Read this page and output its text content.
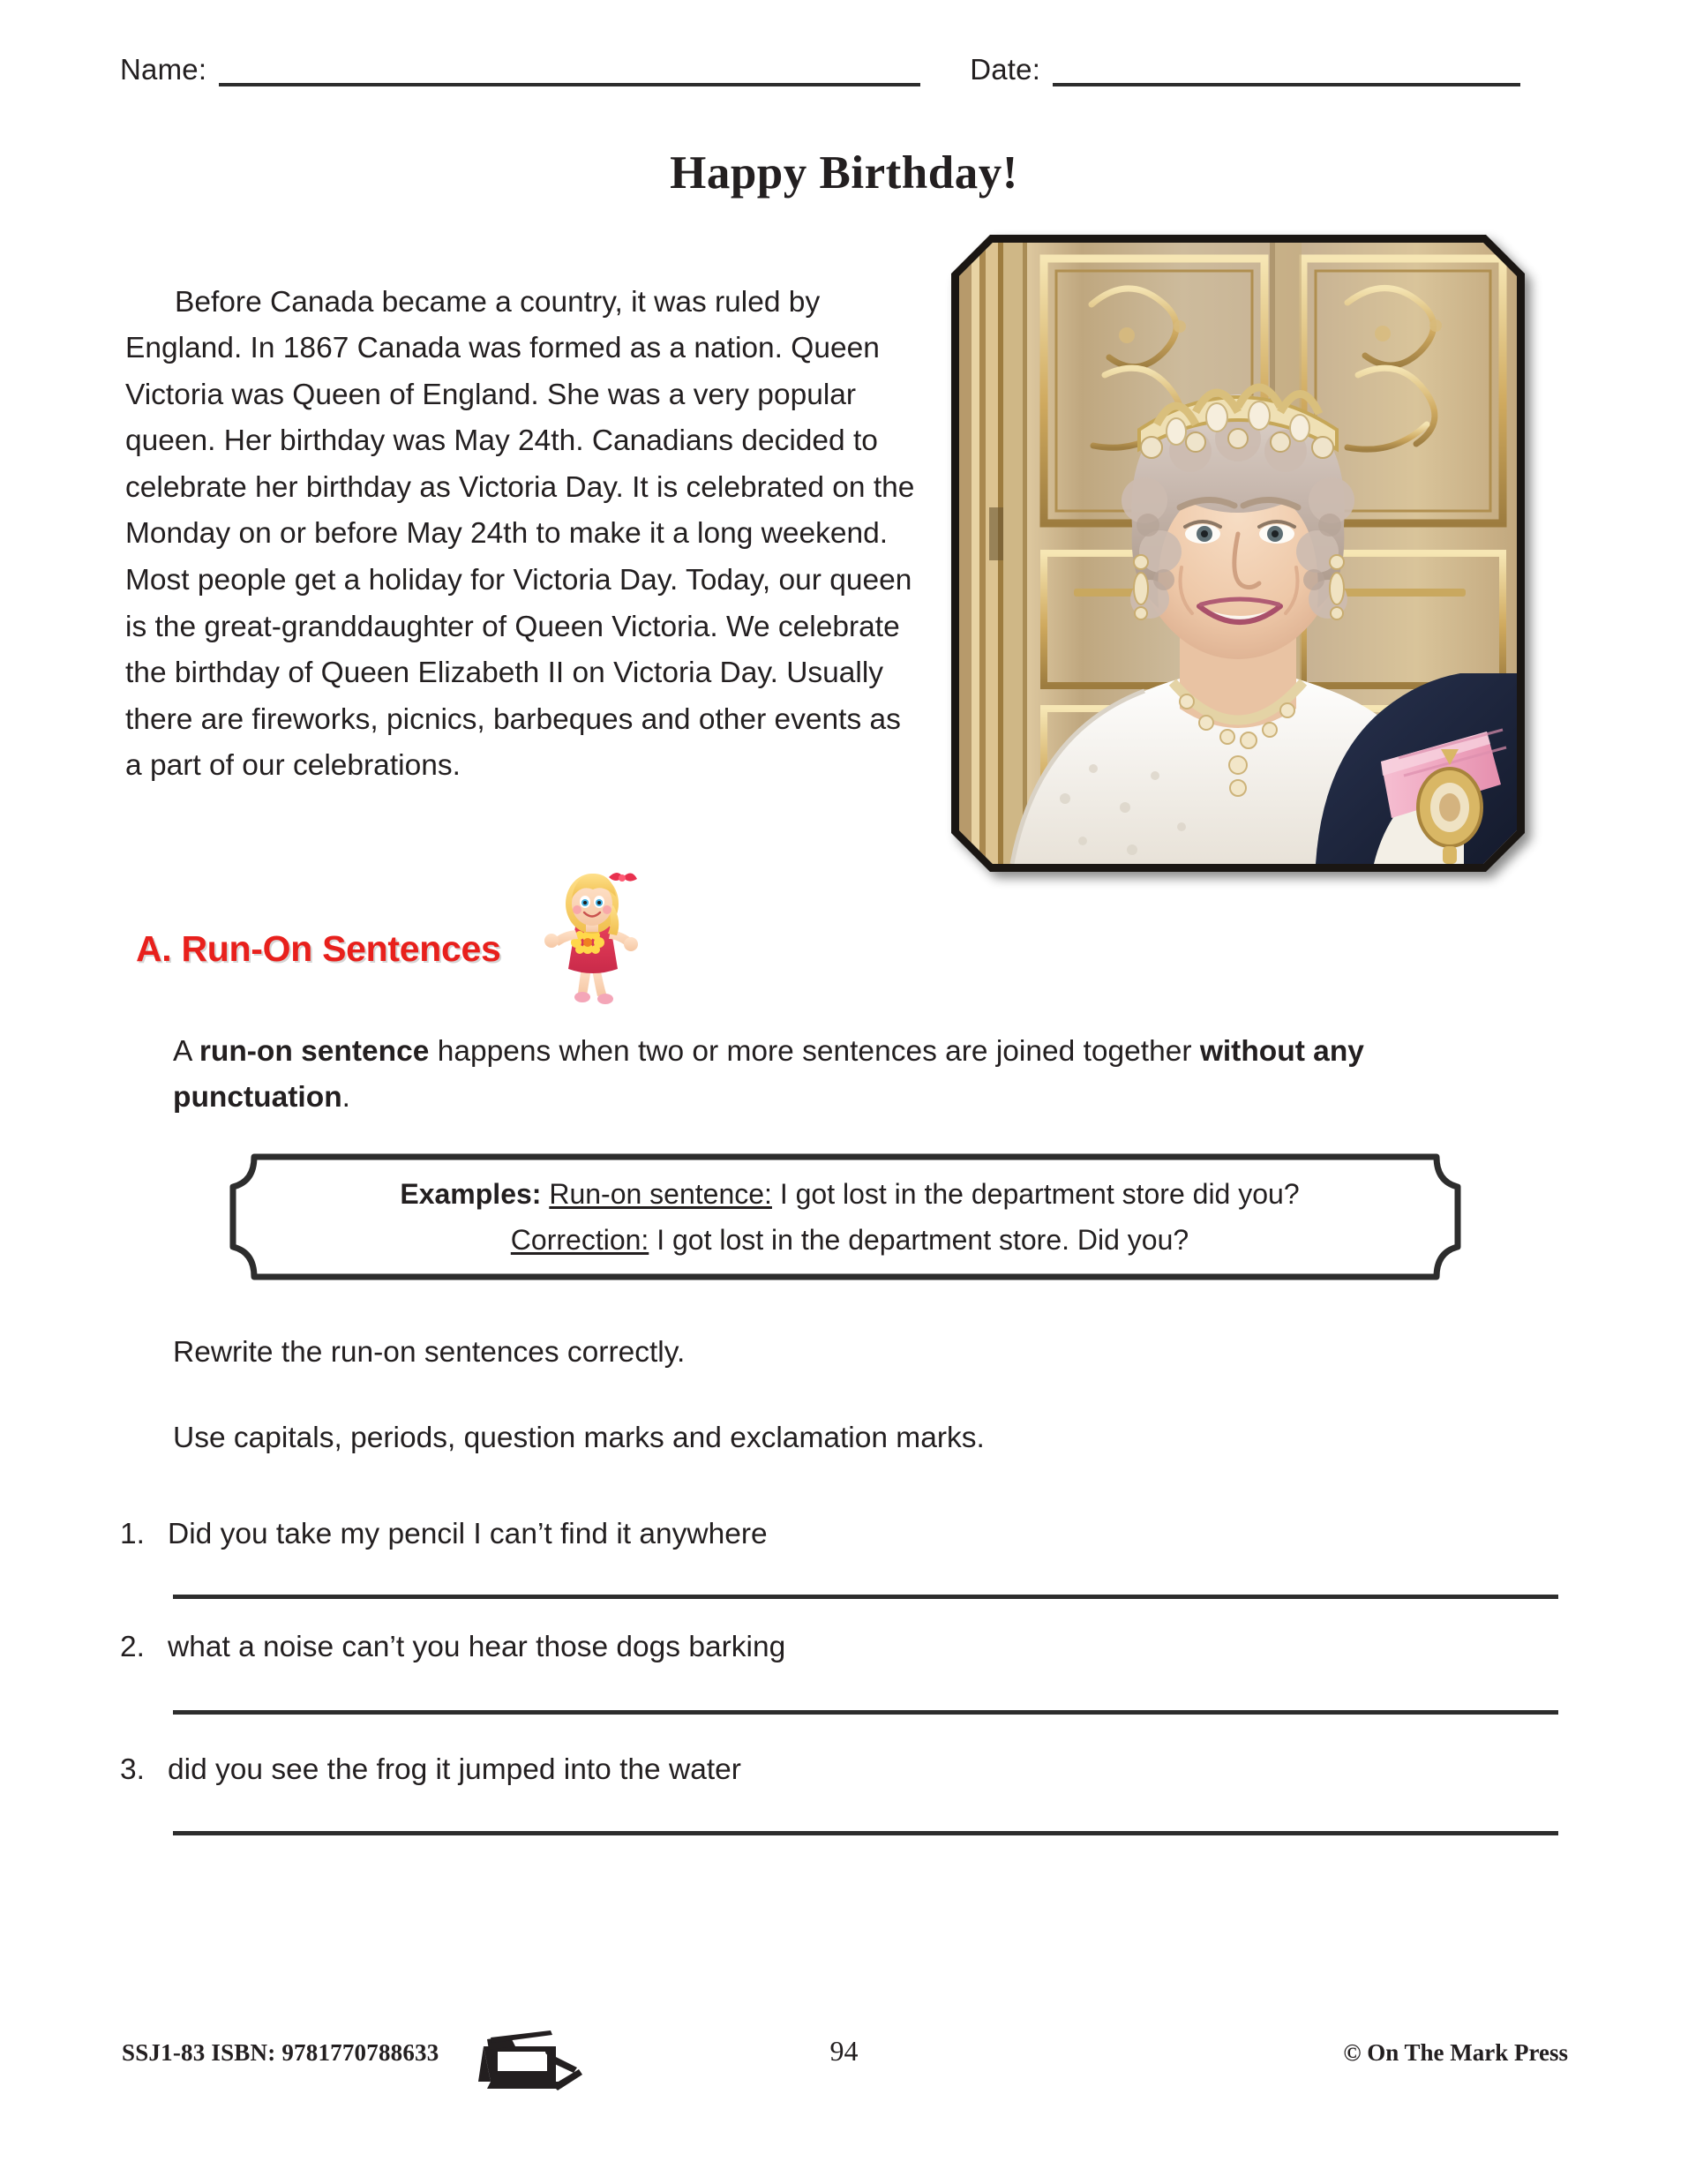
Name:	Date:
Happy Birthday!

Before Canada became a country, it was ruled by England. In 1867 Canada was formed as a nation. Queen Victoria was Queen of England. She was a very popular queen. Her birthday was May 24th. Canadians decided to celebrate her birthday as Victoria Day. It is celebrated on the Monday on or before May 24th to make it a long weekend. Most people get a holiday for Victoria Day. Today, our queen is the great-granddaughter of Queen Victoria. We celebrate the birthday of Queen Elizabeth II on Victoria Day. Usually there are fireworks, picnics, barbeques and other events as a part of our celebrations.

A. Run-On Sentences
A run-on sentence happens when two or more sentences are joined together without any punctuation.
Examples: Run-on sentence: I got lost in the department store did you?
Correction: I got lost in the department store. Did you?
Rewrite the run-on sentences correctly.
Use capitals, periods, question marks and exclamation marks.
1. Did you take my pencil I can’t find it anywhere
2. what a noise can’t you hear those dogs barking
3. did you see the frog it jumped into the water
SSJ1-83 ISBN: 9781770788633	94	© On The Mark Press
